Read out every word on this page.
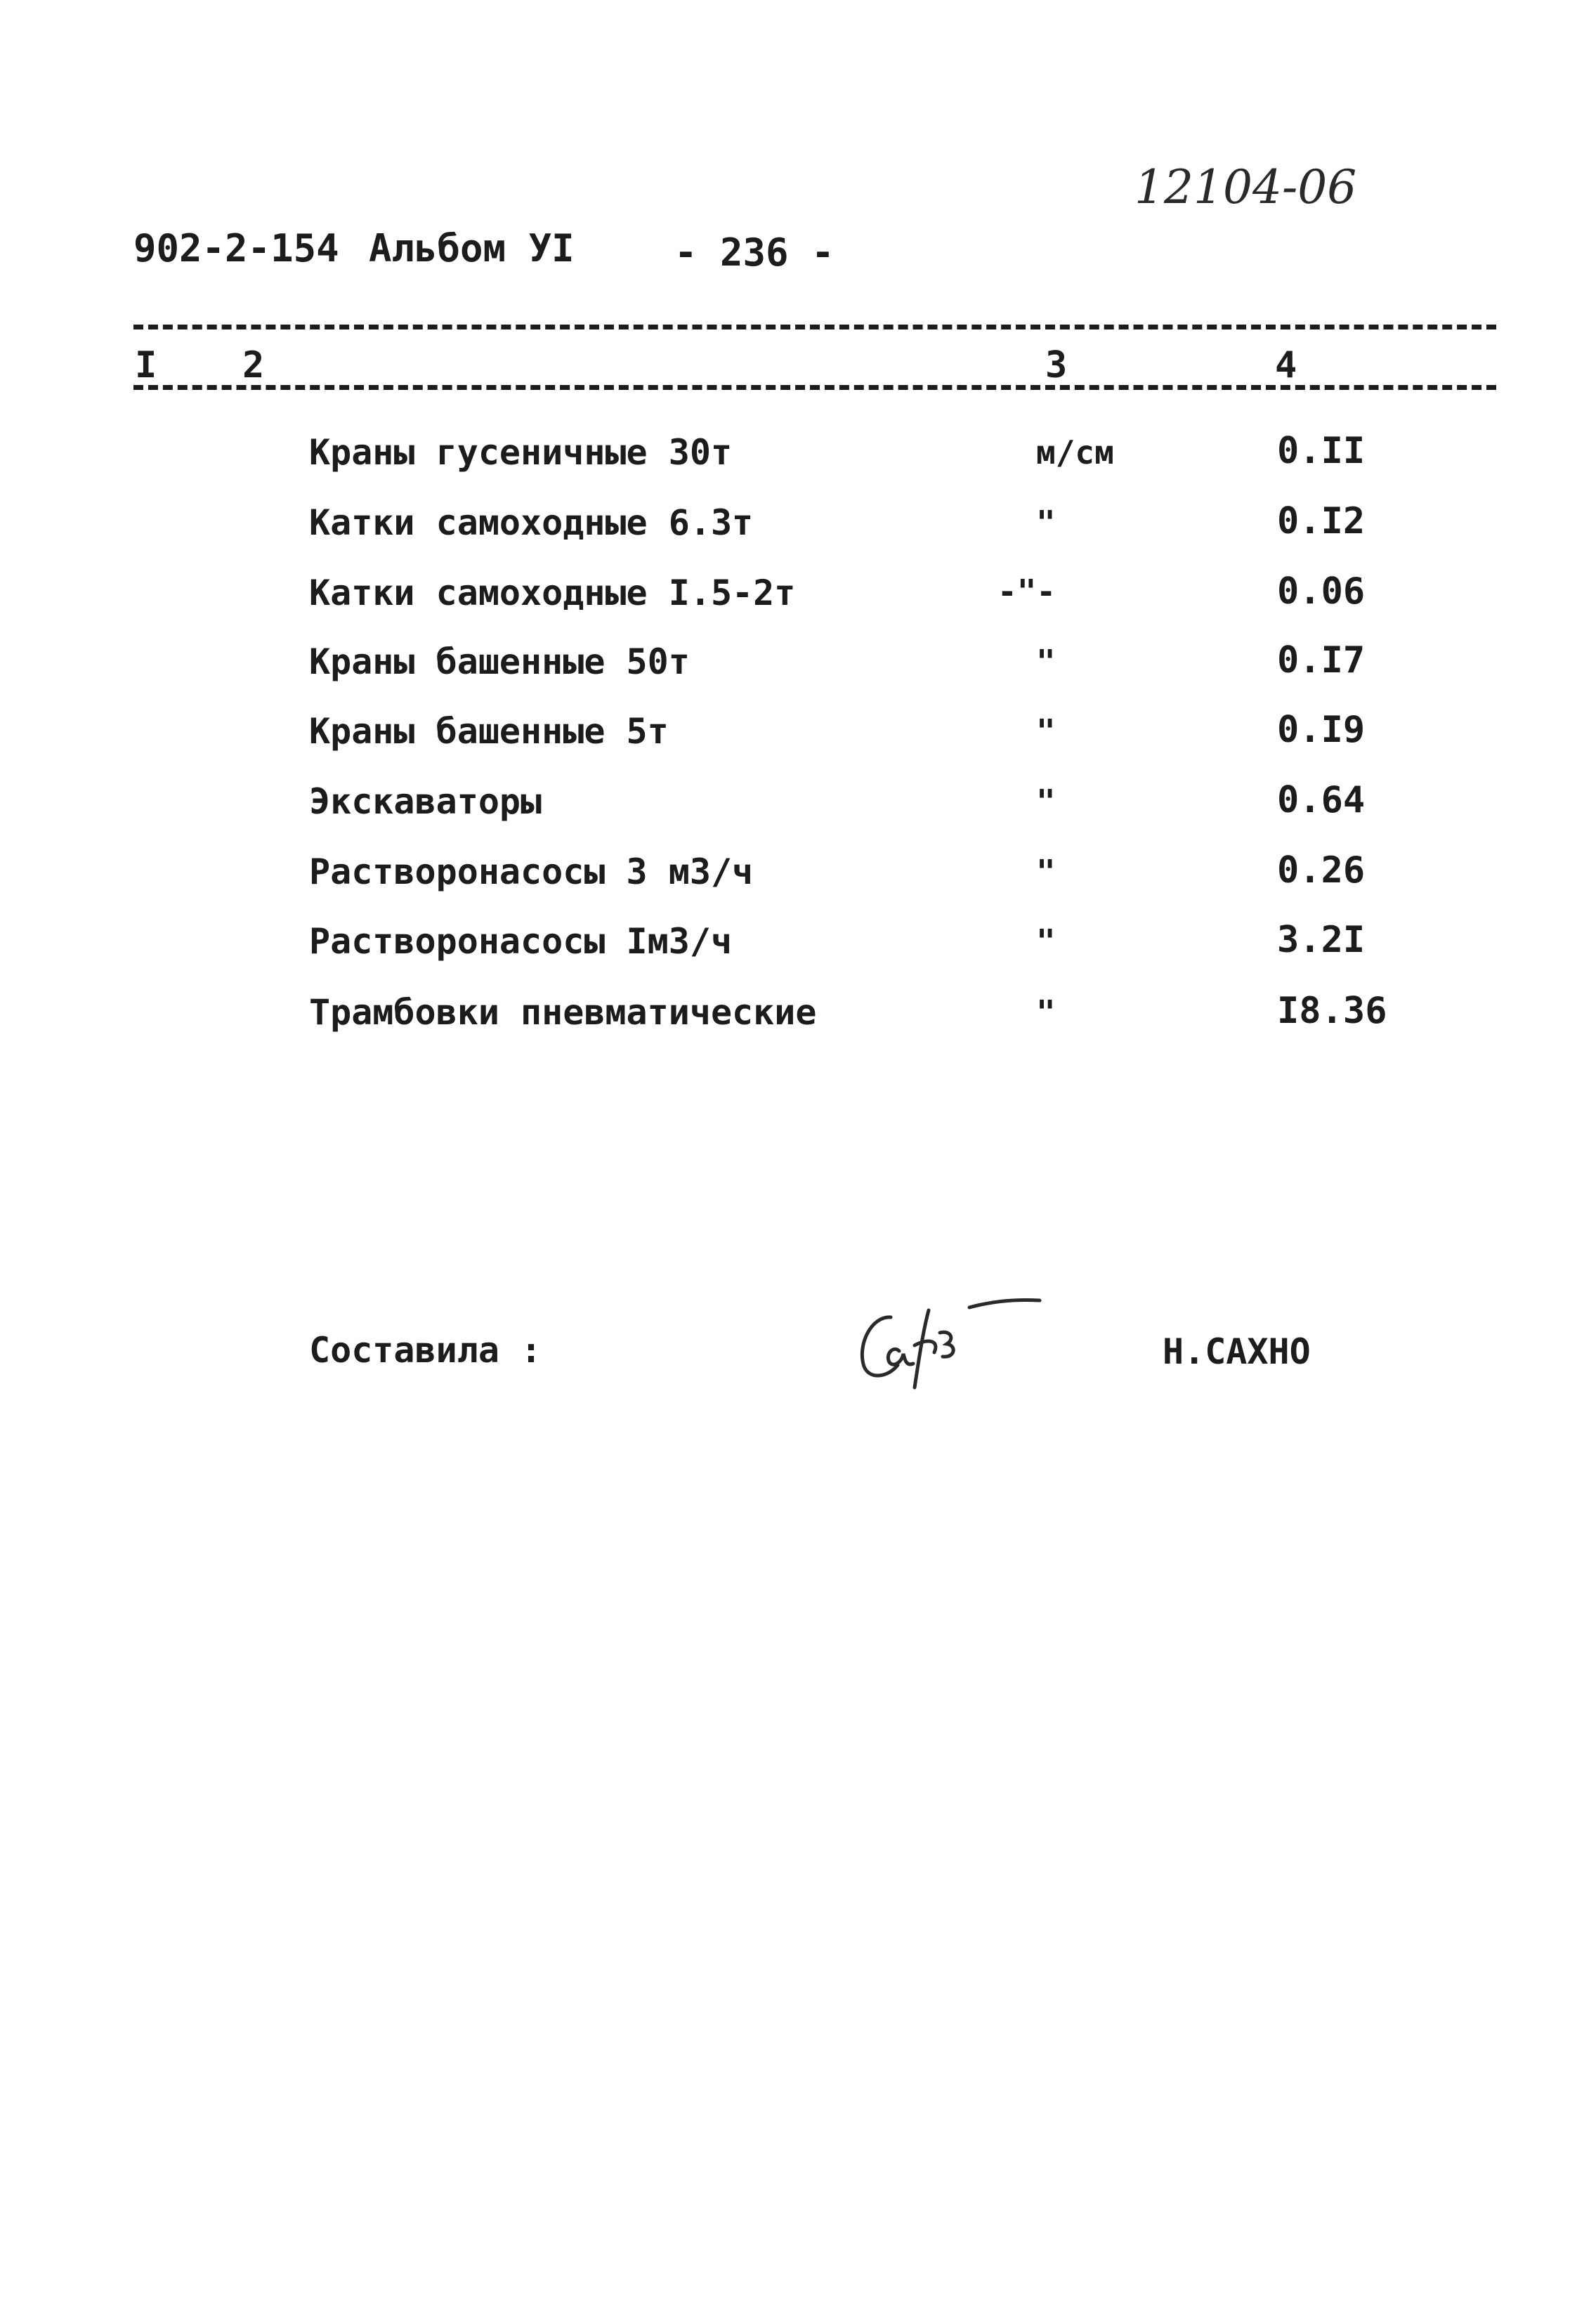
902-2-154 Альбом УI	- 236 -
12104-06
I 2	3	4
Краны гусеничные 30т	м/см	0.II
Катки самоходные 6.3т	"	0.I2
Катки самоходные I.5-2т	-"-	0.06
Краны башенные 50т	"	0.I7
Краны башенные 5т	"	0.I9
Экскаваторы	"	0.64
Растворонасосы 3 м3/ч	"	0.26
Растворонасосы Iм3/ч	"	3.2I
Трамбовки пневматические	"	I8.36
Составила :	Н.САХНО
